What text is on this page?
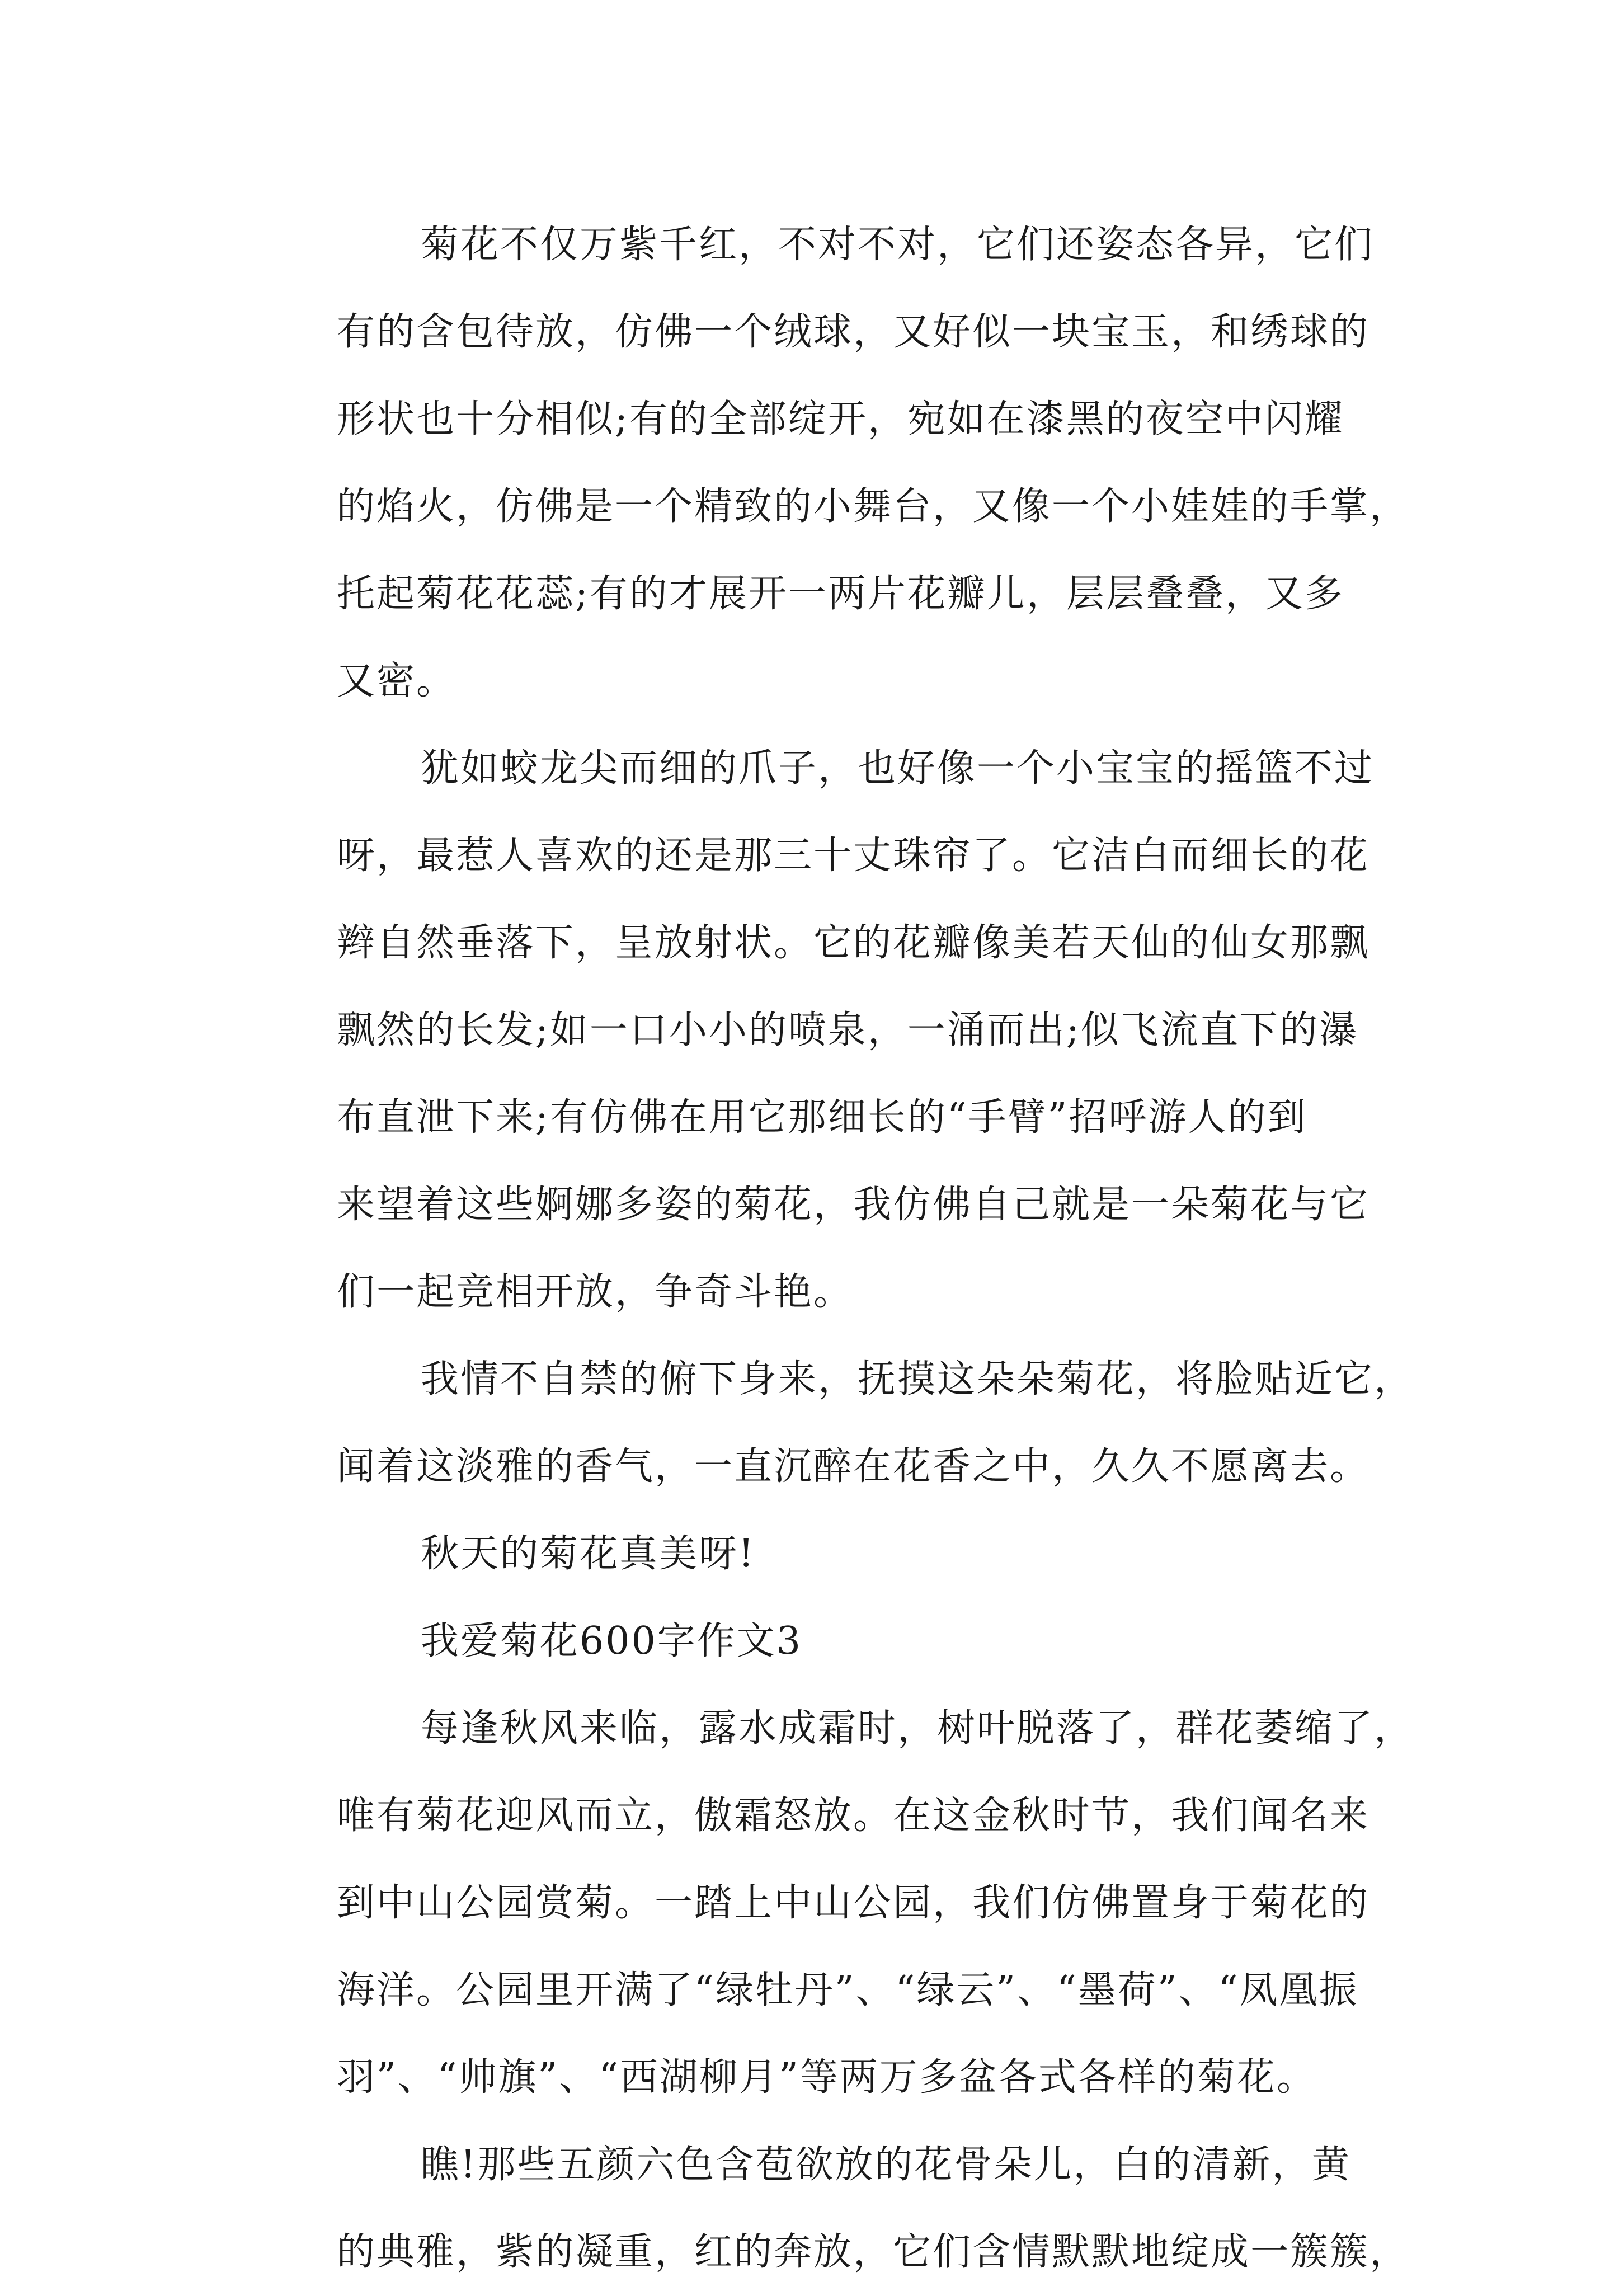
菊花不仅万紫千红，不对不对，它们还姿态各异，它们
有的含包待放，仿佛一个绒球，又好似一块宝玉，和绣球的
形状也十分相似;有的全部绽开，宛如在漆黑的夜空中闪耀
的焰火，仿佛是一个精致的小舞台，又像一个小娃娃的手掌，
托起菊花花蕊;有的才展开一两片花瓣儿，层层叠叠，又多
又密。
犹如蛟龙尖而细的爪子，也好像一个小宝宝的摇篮不过
呀，最惹人喜欢的还是那三十丈珠帘了。它洁白而细长的花
辫自然垂落下，呈放射状。它的花瓣像美若天仙的仙女那飘
飘然的长发;如一口小小的喷泉，一涌而出;似飞流直下的瀑
布直泄下来;有仿佛在用它那细长的“手臂”招呼游人的到
来望着这些婀娜多姿的菊花，我仿佛自己就是一朵菊花与它
们一起竞相开放，争奇斗艳。
我情不自禁的俯下身来，抚摸这朵朵菊花，将脸贴近它，
闻着这淡雅的香气，一直沉醉在花香之中，久久不愿离去。
秋天的菊花真美呀!
我爱菊花600字作文3
每逢秋风来临，露水成霜时，树叶脱落了，群花萎缩了，
唯有菊花迎风而立，傲霜怒放。在这金秋时节，我们闻名来
到中山公园赏菊。一踏上中山公园，我们仿佛置身于菊花的
海洋。公园里开满了“绿牡丹”、“绿云”、“墨荷”、“凤凰振
羽”、“帅旗”、“西湖柳月”等两万多盆各式各样的菊花。
瞧!那些五颜六色含苞欲放的花骨朵儿，白的清新，黄
的典雅，紫的凝重，红的奔放，它们含情默默地绽成一簇簇，
